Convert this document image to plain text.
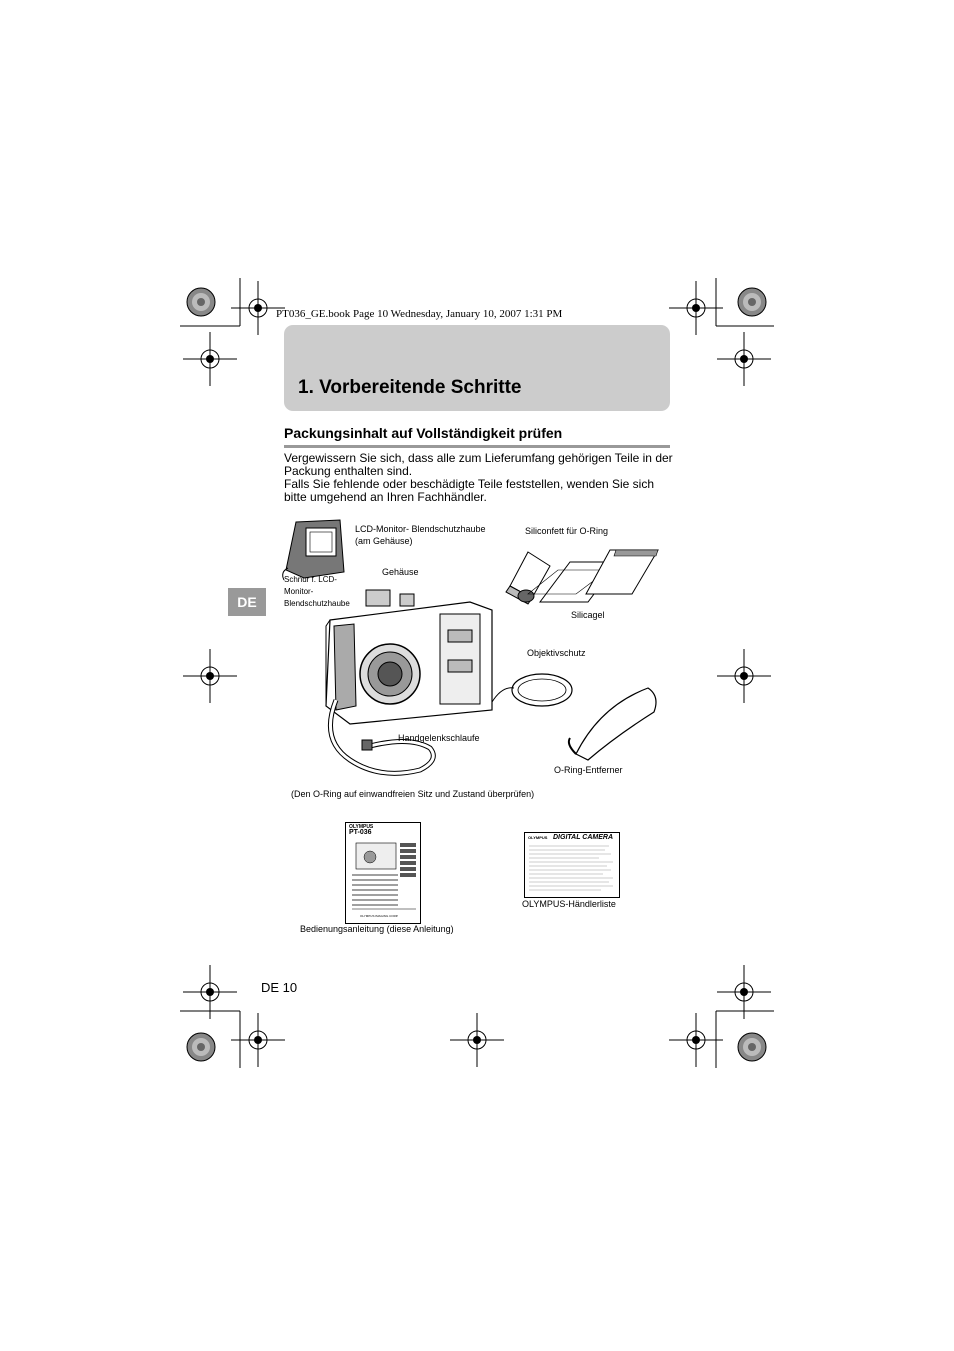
PT036_GE.book Page 10 Wednesday, January 10, 2007 1:31 PM
1. Vorbereitende Schritte
Packungsinhalt auf Vollständigkeit prüfen
Vergewissern Sie sich, dass alle zum Lieferumfang gehörigen Teile in der
Packung enthalten sind.
Falls Sie fehlende oder beschädigte Teile feststellen, wenden Sie sich
bitte umgehend an Ihren Fachhändler.
DE
LCD-Monitor- Blendschutzhaube
(am Gehäuse)
Schnur f. LCD-
Monitor-
Blendschutzhaube
Gehäuse
Siliconfett für O-Ring
Silicagel
Objektivschutz
Handgelenkschlaufe
O-Ring-Entferner
(Den O-Ring auf einwandfreien Sitz und Zustand überprüfen)
OLYMPUS
PT-036
OLYMPUS IMAGING CORP.
Bedienungsanleitung (diese Anleitung)
OLYMPUS DIGITAL CAMERA
OLYMPUS-Händlerliste
DE 10
